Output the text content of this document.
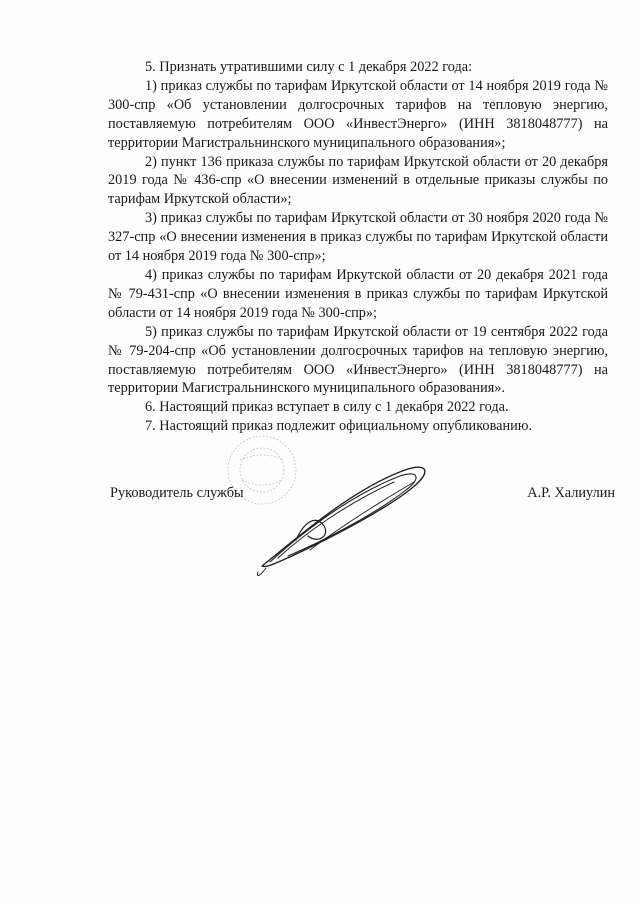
5. Признать утратившими силу с 1 декабря 2022 года:

1) приказ службы по тарифам Иркутской области от 14 ноября 2019 года № 300-спр «Об установлении долгосрочных тарифов на тепловую энергию, поставляемую потребителям ООО «ИнвестЭнерго» (ИНН 3818048777) на территории Магистральнинского муниципального образования»;

2) пункт 136 приказа службы по тарифам Иркутской области от 20 декабря 2019 года № 436-спр «О внесении изменений в отдельные приказы службы по тарифам Иркутской области»;

3) приказ службы по тарифам Иркутской области от 30 ноября 2020 года № 327-спр «О внесении изменения в приказ службы по тарифам Иркутской области от 14 ноября 2019 года № 300-спр»;

4) приказ службы по тарифам Иркутской области от 20 декабря 2021 года № 79-431-спр «О внесении изменения в приказ службы по тарифам Иркутской области от 14 ноября 2019 года № 300-спр»;

5) приказ службы по тарифам Иркутской области от 19 сентября 2022 года № 79-204-спр «Об установлении долгосрочных тарифов на тепловую энергию, поставляемую потребителям ООО «ИнвестЭнерго» (ИНН 3818048777) на территории Магистральнинского муниципального образования».

6. Настоящий приказ вступает в силу с 1 декабря 2022 года.

7. Настоящий приказ подлежит официальному опубликованию.

Руководитель службы	А.Р. Халиулин
